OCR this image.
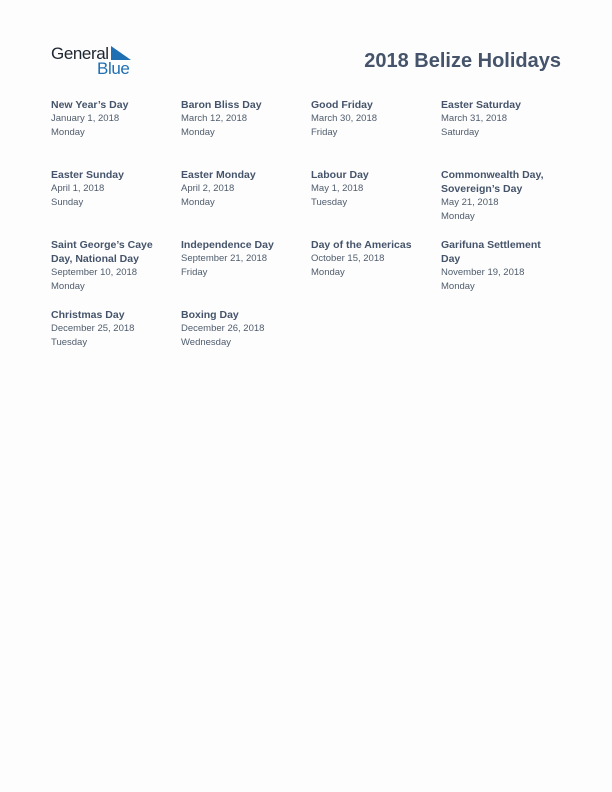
General
Blue	2018 Belize Holidays
New Year’s Day
January 1, 2018
Monday
Baron Bliss Day
March 12, 2018
Monday
Good Friday
March 30, 2018
Friday
Easter Saturday
March 31, 2018
Saturday
Easter Sunday
April 1, 2018
Sunday
Easter Monday
April 2, 2018
Monday
Labour Day
May 1, 2018
Tuesday
Commonwealth Day, Sovereign’s Day
May 21, 2018
Monday
Saint George’s Caye Day, National Day
September 10, 2018
Monday
Independence Day
September 21, 2018
Friday
Day of the Americas
October 15, 2018
Monday
Garifuna Settlement Day
November 19, 2018
Monday
Christmas Day
December 25, 2018
Tuesday
Boxing Day
December 26, 2018
Wednesday
